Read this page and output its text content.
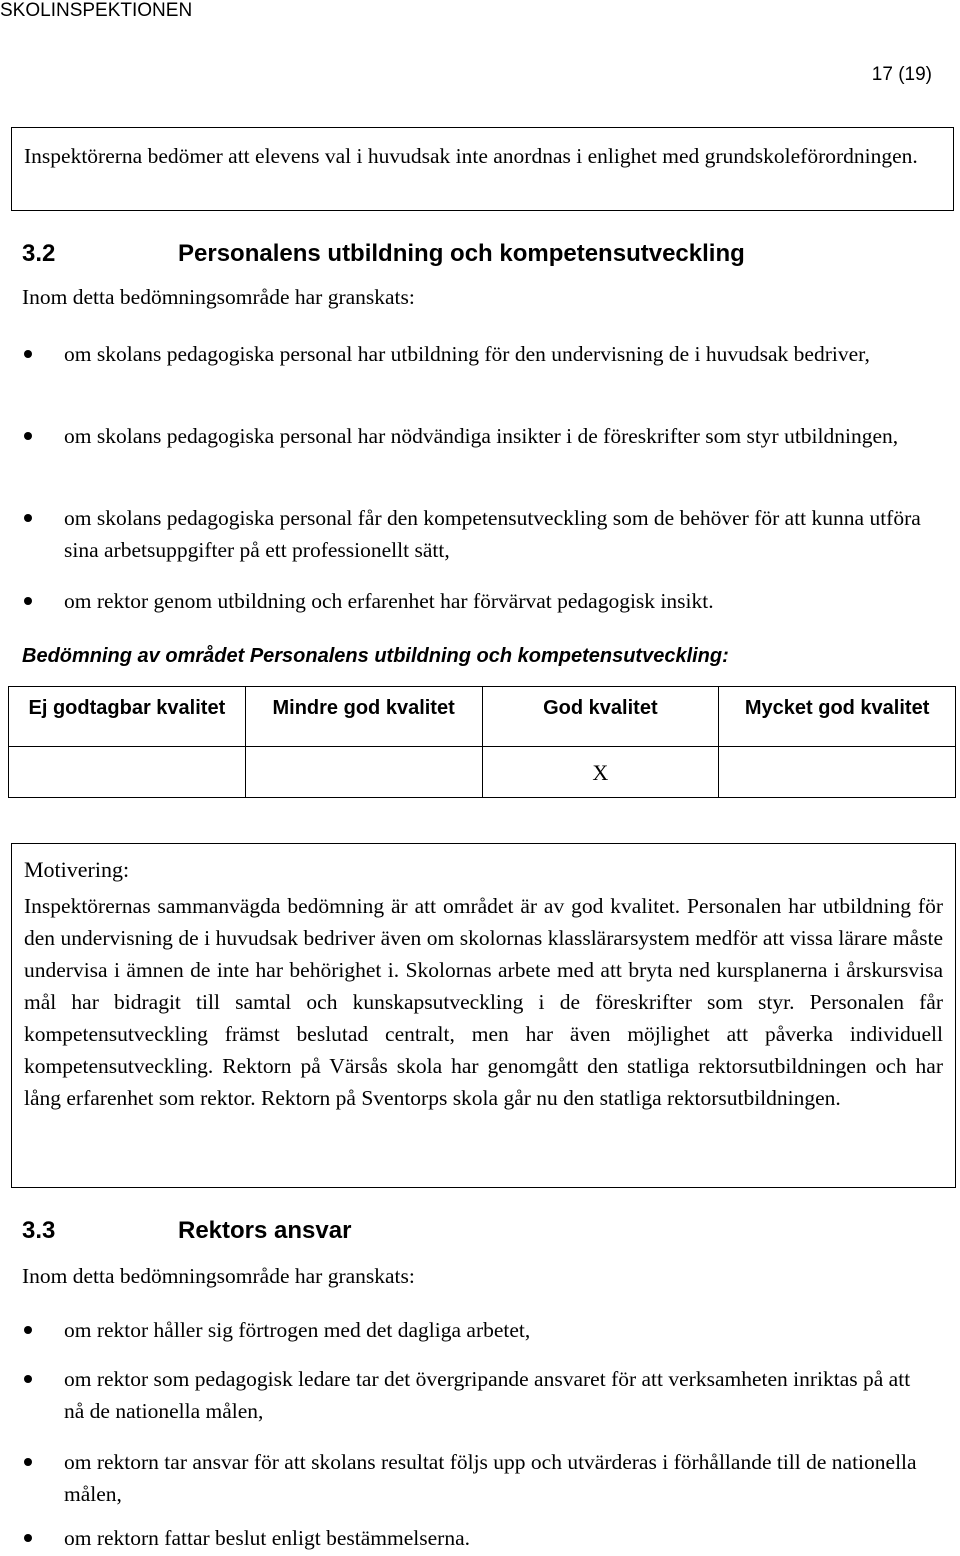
SKOLINSPEKTIONEN
17 (19)
Inspektörerna bedömer att elevens val i huvudsak inte anordnas i enlighet med grundskoleförordningen.
3.2	Personalens utbildning och kompetensutveckling
Inom detta bedömningsområde har granskats:
om skolans pedagogiska personal har utbildning för den undervisning de i huvudsak bedriver,
om skolans pedagogiska personal har nödvändiga insikter i de föreskrifter som styr utbildningen,
om skolans pedagogiska personal får den kompetensutveckling som de behöver för att kunna utföra sina arbetsuppgifter på ett professionellt sätt,
om rektor genom utbildning och erfarenhet har förvärvat pedagogisk insikt.
Bedömning av området Personalens utbildning och kompetensutveckling:
Ej godtagbar kvalitet	Mindre god kvalitet	God kvalitet	Mycket god kvalitet
		X	
Motivering:
Inspektörernas sammanvägda bedömning är att området är av god kvalitet. Personalen har utbildning för den undervisning de i huvudsak bedriver även om skolornas klasslärarsystem medför att vissa lärare måste undervisa i ämnen de inte har behörighet i. Skolornas arbete med att bryta ned kursplanerna i årskursvisa mål har bidragit till samtal och kunskapsutveckling i de föreskrifter som styr. Personalen får kompetensutveckling främst beslutad centralt, men har även möjlighet att påverka individuell kompetensutveckling. Rektorn på Värsås skola har genomgått den statliga rektorsutbildningen och har lång erfarenhet som rektor. Rektorn på Sventorps skola går nu den statliga rektorsutbildningen.
3.3	Rektors ansvar
Inom detta bedömningsområde har granskats:
om rektor håller sig förtrogen med det dagliga arbetet,
om rektor som pedagogisk ledare tar det övergripande ansvaret för att verksamheten inriktas på att nå de nationella målen,
om rektorn tar ansvar för att skolans resultat följs upp och utvärderas i förhållande till de nationella målen,
om rektorn fattar beslut enligt bestämmelserna.
